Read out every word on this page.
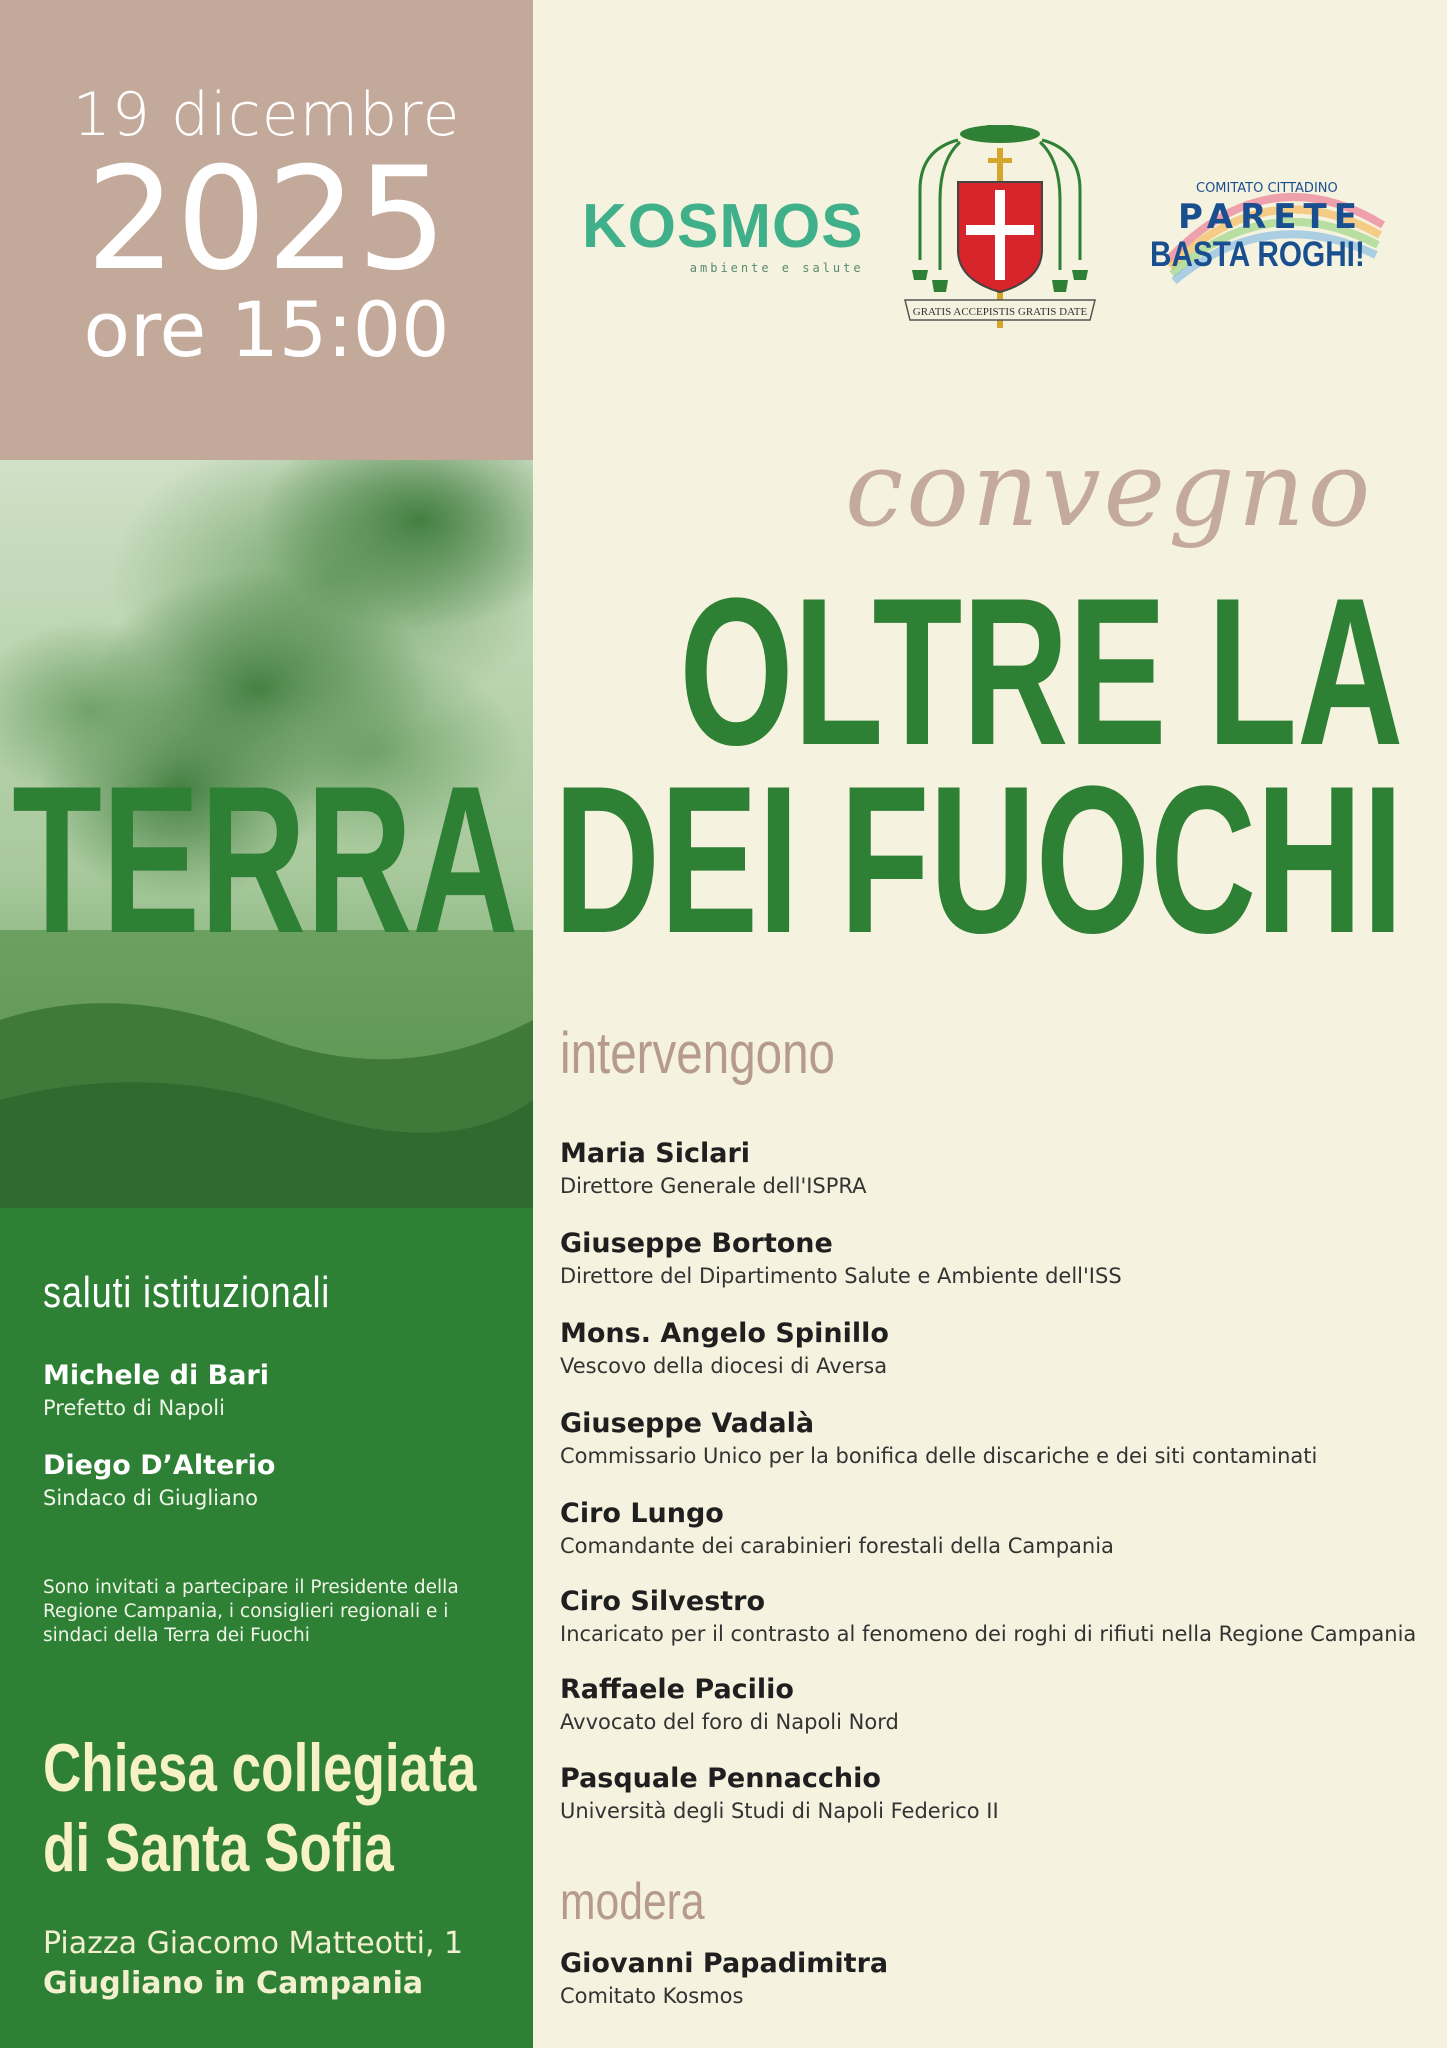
19 dicembre
2025
ore 15:00
saluti istituzionali
Michele di Bari
Prefetto di Napoli
Diego D’Alterio
Sindaco di Giugliano
Sono invitati a partecipare il Presidente della Regione Campania, i consiglieri regionali e i sindaci della Terra dei Fuochi
Chiesa collegiata
di Santa Sofia
Piazza Giacomo Matteotti, 1
Giugliano in Campania
KOSMOS
ambiente e salute
GRATIS ACCEPISTIS GRATIS DATE
COMITATO CITTADINO
PARETE
BASTA ROGHI!
convegno
OLTRE LA
TERRA DEI FUOCHI
intervengono
Maria Siclari
Direttore Generale dell'ISPRA
Giuseppe Bortone
Direttore del Dipartimento Salute e Ambiente dell'ISS
Mons. Angelo Spinillo
Vescovo della diocesi di Aversa
Giuseppe Vadalà
Commissario Unico per la bonifica delle discariche e dei siti contaminati
Ciro Lungo
Comandante dei carabinieri forestali della Campania
Ciro Silvestro
Incaricato per il contrasto al fenomeno dei roghi di rifiuti nella Regione Campania
Raffaele Pacilio
Avvocato del foro di Napoli Nord
Pasquale Pennacchio
Università degli Studi di Napoli Federico II
modera
Giovanni Papadimitra
Comitato Kosmos
